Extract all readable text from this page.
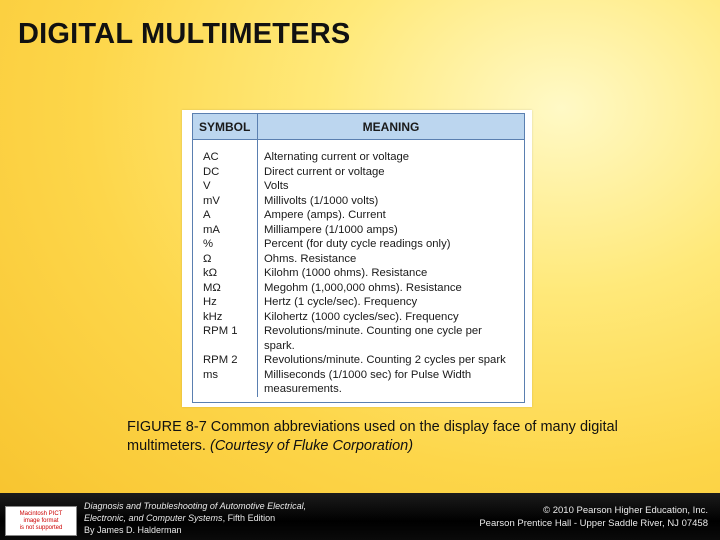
DIGITAL MULTIMETERS
SYMBOL	MEANING
AC
DC
V
mV
A
mA
%
Ω
kΩ
MΩ
Hz
kHz
RPM 1

RPM 2
ms

Alternating current or voltage
Direct current or voltage
Volts
Millivolts (1/1000 volts)
Ampere (amps). Current
Milliampere (1/1000 amps)
Percent (for duty cycle readings only)
Ohms. Resistance
Kilohm (1000 ohms). Resistance
Megohm (1,000,000 ohms). Resistance
Hertz (1 cycle/sec). Frequency
Kilohertz (1000 cycles/sec). Frequency
Revolutions/minute. Counting one cycle per
spark.
Revolutions/minute. Counting 2 cycles per spark
Milliseconds (1/1000 sec) for Pulse Width
measurements.
FIGURE 8-7 Common abbreviations used on the display face of many digital multimeters. (Courtesy of Fluke Corporation)
Macintosh PICT
image format
is not supported
Diagnosis and Troubleshooting of Automotive Electrical,
Electronic, and Computer Systems, Fifth Edition
By James D. Halderman
© 2010 Pearson Higher Education, Inc.
Pearson Prentice Hall - Upper Saddle River, NJ 07458
